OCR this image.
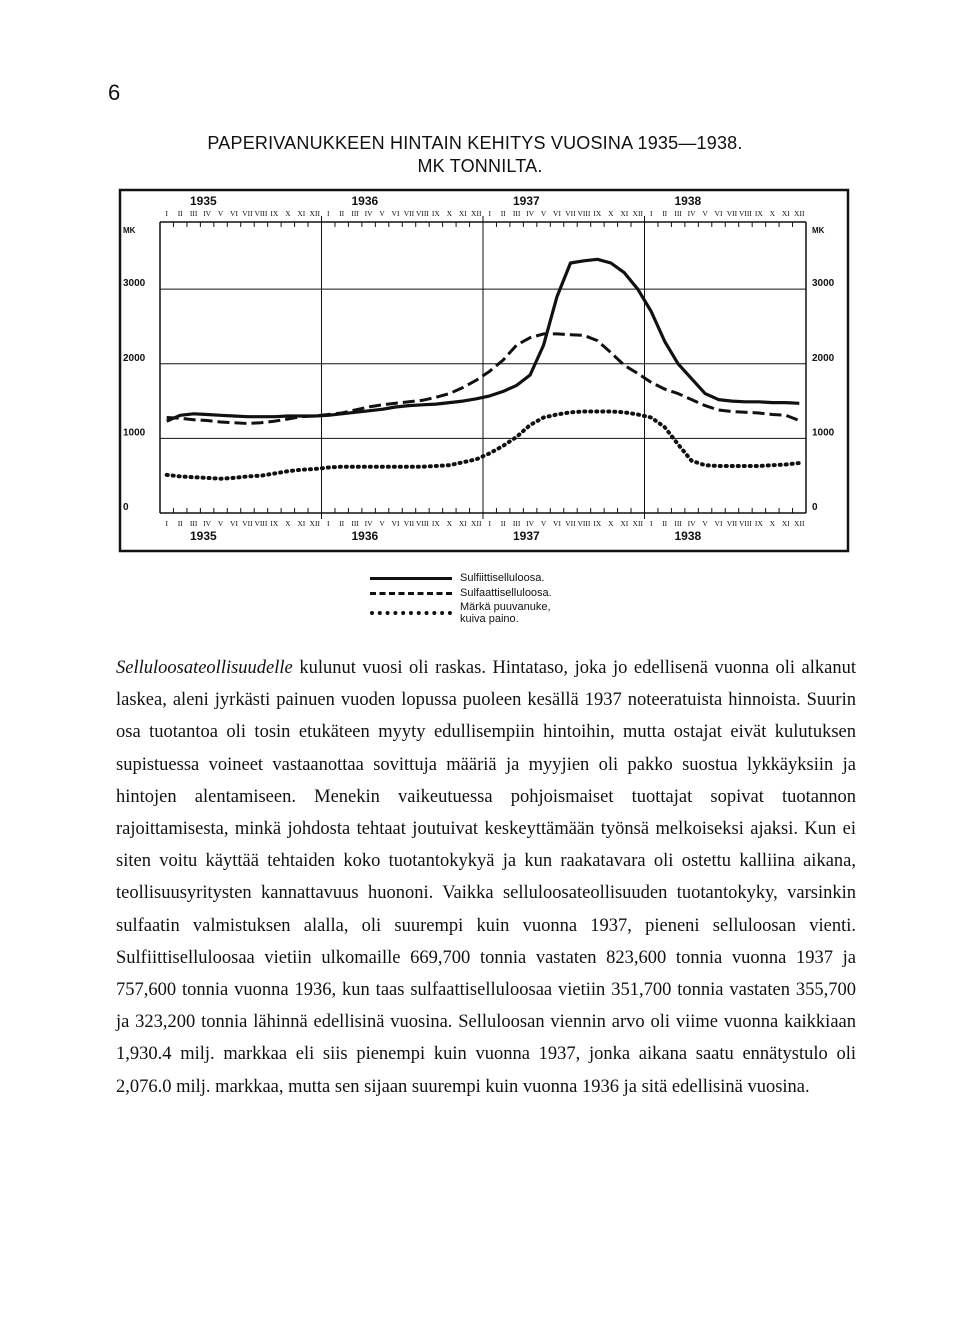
6
PAPERIVANUKKEEN HINTAIN KEHITYS VUOSINA 1935—1938.
MK TONNILTA.
0	0
1000	1000
2000	2000
3000	3000
MK	MK
I
I
II
II
III
III
IV
IV
V
V
VI
VI
VII
VII
VIII
VIII
IX
IX
X
X
XI
XI
XII
XII
I
I
II
II
III
III
IV
IV
V
V
VI
VI
VII
VII
VIII
VIII
IX
IX
X
X
XI
XI
XII
XII
I
I
II
II
III
III
IV
IV
V
V
VI
VI
VII
VII
VIII
VIII
IX
IX
X
X
XI
XI
XII
XII
I
I
II
II
III
III
IV
IV
V
V
VI
VI
VII
VII
VIII
VIII
IX
IX
X
X
XI
XI
XII
XII
1935
1935
1936
1936
1937
1937
1938
1938
Sulfiittiselluloosa.
Sulfaattiselluloosa.
Märkä puuvanuke, kuiva paino.

Selluloosateollisuudelle kulunut vuosi oli raskas. Hintataso, joka jo edellisenä vuonna oli alkanut laskea, aleni jyrkästi painuen vuoden lopussa puoleen kesällä 1937 noteeratuista hinnoista. Suurin osa tuotantoa oli tosin etukäteen myyty edullisempiin hintoihin, mutta ostajat eivät kulutuksen supistuessa voineet vastaanottaa sovittuja määriä ja myyjien oli pakko suostua lykkäyksiin ja hintojen alentamiseen. Menekin vaikeutuessa pohjoismaiset tuottajat sopivat tuotannon rajoittamisesta, minkä johdosta tehtaat joutuivat keskeyttämään työnsä melkoiseksi ajaksi. Kun ei siten voitu käyttää tehtaiden koko tuotantokykyä ja kun raakatavara oli ostettu kalliina aikana, teollisuusyritysten kannattavuus huononi. Vaikka selluloosateollisuuden tuotantokyky, varsinkin sulfaatin valmistuksen alalla, oli suurempi kuin vuonna 1937, pieneni selluloosan vienti. Sulfiittiselluloosaa vietiin ulkomaille 669,700 tonnia vastaten 823,600 tonnia vuonna 1937 ja 757,600 tonnia vuonna 1936, kun taas sulfaattiselluloosaa vietiin 351,700 tonnia vastaten 355,700 ja 323,200 tonnia lähinnä edellisinä vuosina. Selluloosan viennin arvo oli viime vuonna kaikkiaan 1,930.4 milj. markkaa eli siis pienempi kuin vuonna 1937, jonka aikana saatu ennätystulo oli 2,076.0 milj. markkaa, mutta sen sijaan suurempi kuin vuonna 1936 ja sitä edellisinä vuosina.
